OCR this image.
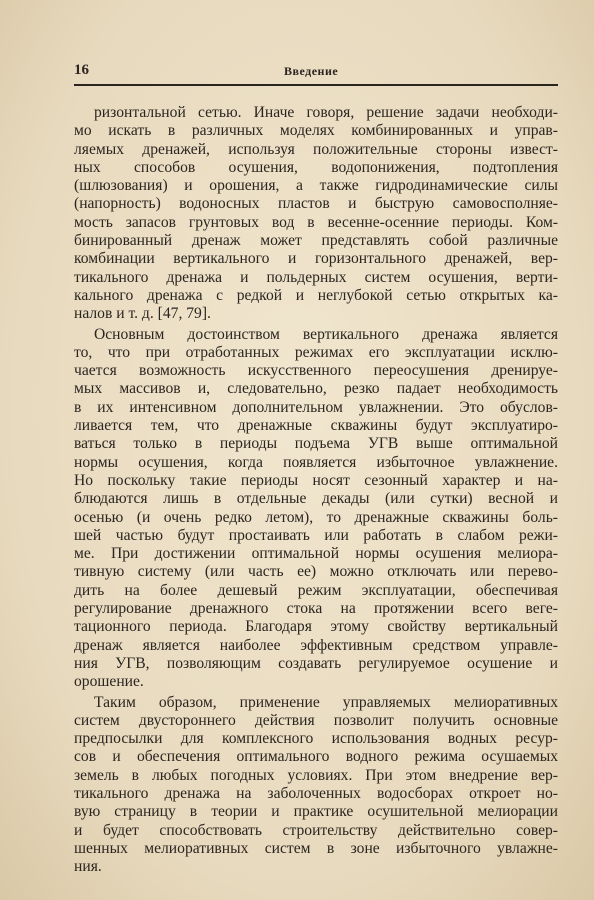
16	Введение

ризонтальной сетью. Иначе говоря, решение задачи необходи-
мо искать в различных моделях комбинированных и управ-
ляемых дренажей, используя положительные стороны извест-
ных способов осушения, водопонижения, подтопления
(шлюзования) и орошения, а также гидродинамические силы
(напорность) водоносных пластов и быструю самовосполняе-
мость запасов грунтовых вод в весенне-осенние периоды. Ком-
бинированный дренаж может представлять собой различные
комбинации вертикального и горизонтального дренажей, вер-
тикального дренажа и польдерных систем осушения, верти-
кального дренажа с редкой и неглубокой сетью открытых ка-
налов и т. д. [47, 79].

Основным достоинством вертикального дренажа является
то, что при отработанных режимах его эксплуатации исклю-
чается возможность искусственного переосушения дренируе-
мых массивов и, следовательно, резко падает необходимость
в их интенсивном дополнительном увлажнении. Это обуслов-
ливается тем, что дренажные скважины будут эксплуатиро-
ваться только в периоды подъема УГВ выше оптимальной
нормы осушения, когда появляется избыточное увлажнение.
Но поскольку такие периоды носят сезонный характер и на-
блюдаются лишь в отдельные декады (или сутки) весной и
осенью (и очень редко летом), то дренажные скважины боль-
шей частью будут простаивать или работать в слабом режи-
ме. При достижении оптимальной нормы осушения мелиора-
тивную систему (или часть ее) можно отключать или перево-
дить на более дешевый режим эксплуатации, обеспечивая
регулирование дренажного стока на протяжении всего веге-
тационного периода. Благодаря этому свойству вертикальный
дренаж является наиболее эффективным средством управле-
ния УГВ, позволяющим создавать регулируемое осушение и
орошение.

Таким образом, применение управляемых мелиоративных
систем двустороннего действия позволит получить основные
предпосылки для комплексного использования водных ресур-
сов и обеспечения оптимального водного режима осушаемых
земель в любых погодных условиях. При этом внедрение вер-
тикального дренажа на заболоченных водосборах откроет но-
вую страницу в теории и практике осушительной мелиорации
и будет способствовать строительству действительно совер-
шенных мелиоративных систем в зоне избыточного увлажне-
ния.
